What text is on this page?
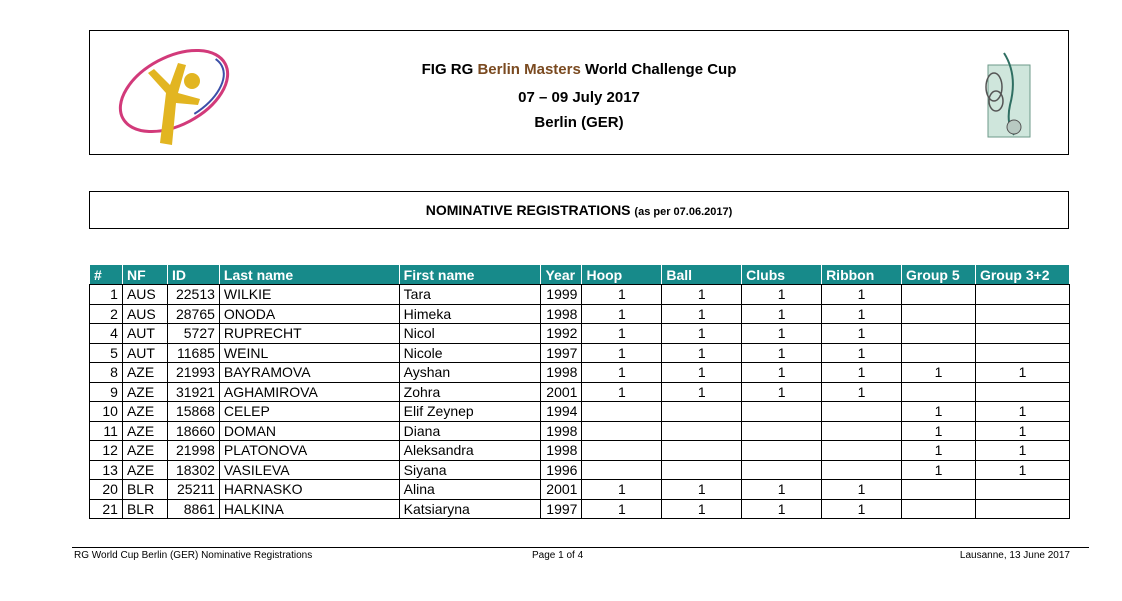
FIG RG Berlin Masters World Challenge Cup
07 – 09 July 2017
Berlin (GER)
NOMINATIVE REGISTRATIONS (as per 07.06.2017)
#	NF	ID	Last name	First name	Year	Hoop	Ball	Clubs	Ribbon	Group 5	Group 3+2
1	AUS	22513	WILKIE	Tara	1999	1	1	1	1		
2	AUS	28765	ONODA	Himeka	1998	1	1	1	1		
4	AUT	5727	RUPRECHT	Nicol	1992	1	1	1	1		
5	AUT	11685	WEINL	Nicole	1997	1	1	1	1		
8	AZE	21993	BAYRAMOVA	Ayshan	1998	1	1	1	1	1	1
9	AZE	31921	AGHAMIROVA	Zohra	2001	1	1	1	1		
10	AZE	15868	CELEP	Elif Zeynep	1994					1	1
11	AZE	18660	DOMAN	Diana	1998					1	1
12	AZE	21998	PLATONOVA	Aleksandra	1998					1	1
13	AZE	18302	VASILEVA	Siyana	1996					1	1
20	BLR	25211	HARNASKO	Alina	2001	1	1	1	1		
21	BLR	8861	HALKINA	Katsiaryna	1997	1	1	1	1		
RG World Cup Berlin (GER) Nominative Registrations	Page 1 of 4	Lausanne, 13 June 2017
